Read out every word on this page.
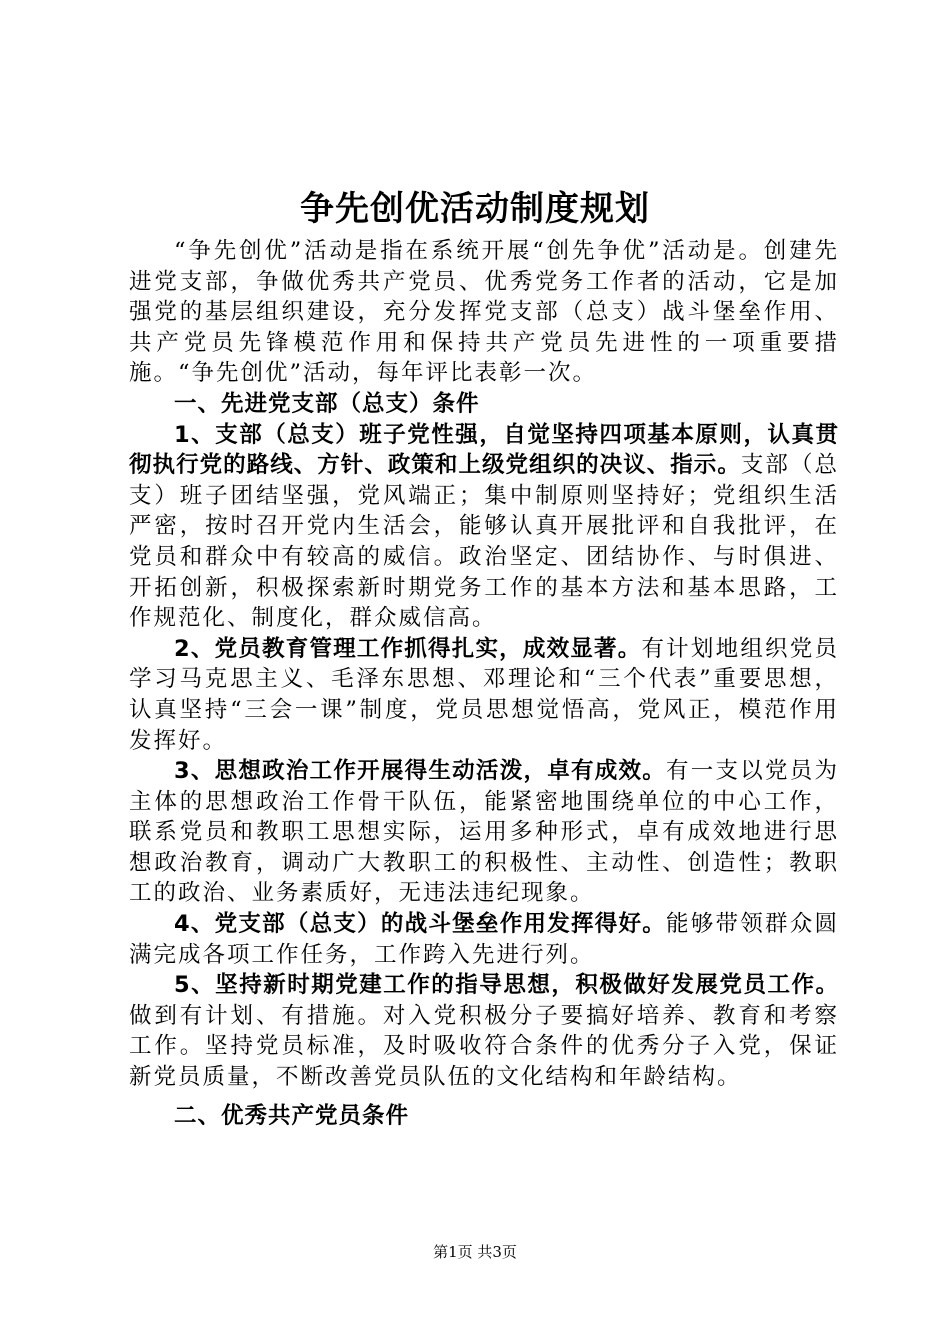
争先创优活动制度规划

“争先创优”活动是指在系统开展“创先争优”活动是。创建先进党支部，争做优秀共产党员、优秀党务工作者的活动，它是加强党的基层组织建设，充分发挥党支部（总支）战斗堡垒作用、共产党员先锋模范作用和保持共产党员先进性的一项重要措施。“争先创优”活动，每年评比表彰一次。

一、先进党支部（总支）条件

1、支部（总支）班子党性强，自觉坚持四项基本原则，认真贯彻执行党的路线、方针、政策和上级党组织的决议、指示。支部（总支）班子团结坚强，党风端正；集中制原则坚持好；党组织生活严密，按时召开党内生活会，能够认真开展批评和自我批评，在党员和群众中有较高的威信。政治坚定、团结协作、与时俱进、开拓创新，积极探索新时期党务工作的基本方法和基本思路，工作规范化、制度化，群众威信高。

2、党员教育管理工作抓得扎实，成效显著。有计划地组织党员学习马克思主义、毛泽东思想、邓理论和“三个代表”重要思想，认真坚持“三会一课”制度，党员思想觉悟高，党风正，模范作用发挥好。

3、思想政治工作开展得生动活泼，卓有成效。有一支以党员为主体的思想政治工作骨干队伍，能紧密地围绕单位的中心工作，联系党员和教职工思想实际，运用多种形式，卓有成效地进行思想政治教育，调动广大教职工的积极性、主动性、创造性；教职工的政治、业务素质好，无违法违纪现象。

4、党支部（总支）的战斗堡垒作用发挥得好。能够带领群众圆满完成各项工作任务，工作跨入先进行列。

5、坚持新时期党建工作的指导思想，积极做好发展党员工作。做到有计划、有措施。对入党积极分子要搞好培养、教育和考察工作。坚持党员标准，及时吸收符合条件的优秀分子入党，保证新党员质量，不断改善党员队伍的文化结构和年龄结构。

二、优秀共产党员条件

第1页 共3页
